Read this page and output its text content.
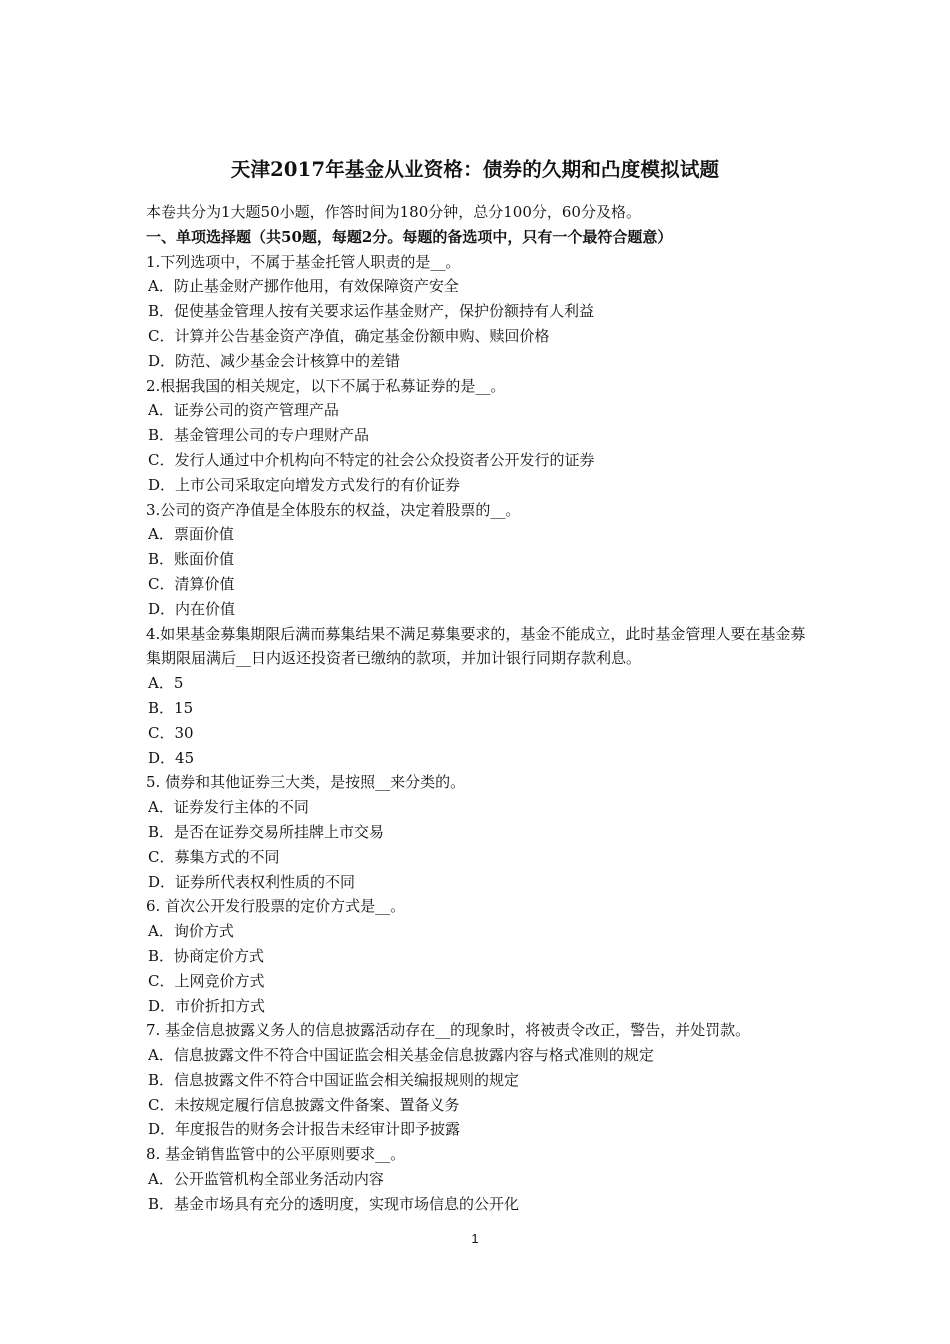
天津2017年基金从业资格：债券的久期和凸度模拟试题
本卷共分为1大题50小题，作答时间为180分钟，总分100分，60分及格。
一、单项选择题（共50题，每题2分。每题的备选项中，只有一个最符合题意）
1.下列选项中，不属于基金托管人职责的是__。
A．防止基金财产挪作他用，有效保障资产安全
B．促使基金管理人按有关要求运作基金财产，保护份额持有人利益
C．计算并公告基金资产净值，确定基金份额申购、赎回价格
D．防范、减少基金会计核算中的差错
2.根据我国的相关规定，以下不属于私募证券的是__。
A．证券公司的资产管理产品
B．基金管理公司的专户理财产品
C．发行人通过中介机构向不特定的社会公众投资者公开发行的证券
D．上市公司采取定向增发方式发行的有价证券
3.公司的资产净值是全体股东的权益，决定着股票的__。
A．票面价值
B．账面价值
C．清算价值
D．内在价值
4.如果基金募集期限后满而募集结果不满足募集要求的，基金不能成立，此时基金管理人要在基金募集期限届满后__日内返还投资者已缴纳的款项，并加计银行同期存款利息。
A．5
B．15
C．30
D．45
5. 债券和其他证券三大类，是按照__来分类的。
A．证券发行主体的不同
B．是否在证券交易所挂牌上市交易
C．募集方式的不同
D．证券所代表权利性质的不同
6. 首次公开发行股票的定价方式是__。
A．询价方式
B．协商定价方式
C．上网竞价方式
D．市价折扣方式
7. 基金信息披露义务人的信息披露活动存在__的现象时，将被责令改正，警告，并处罚款。
A．信息披露文件不符合中国证监会相关基金信息披露内容与格式准则的规定
B．信息披露文件不符合中国证监会相关编报规则的规定
C．未按规定履行信息披露文件备案、置备义务
D．年度报告的财务会计报告未经审计即予披露
8. 基金销售监管中的公平原则要求__。
A．公开监管机构全部业务活动内容
B．基金市场具有充分的透明度，实现市场信息的公开化
1
